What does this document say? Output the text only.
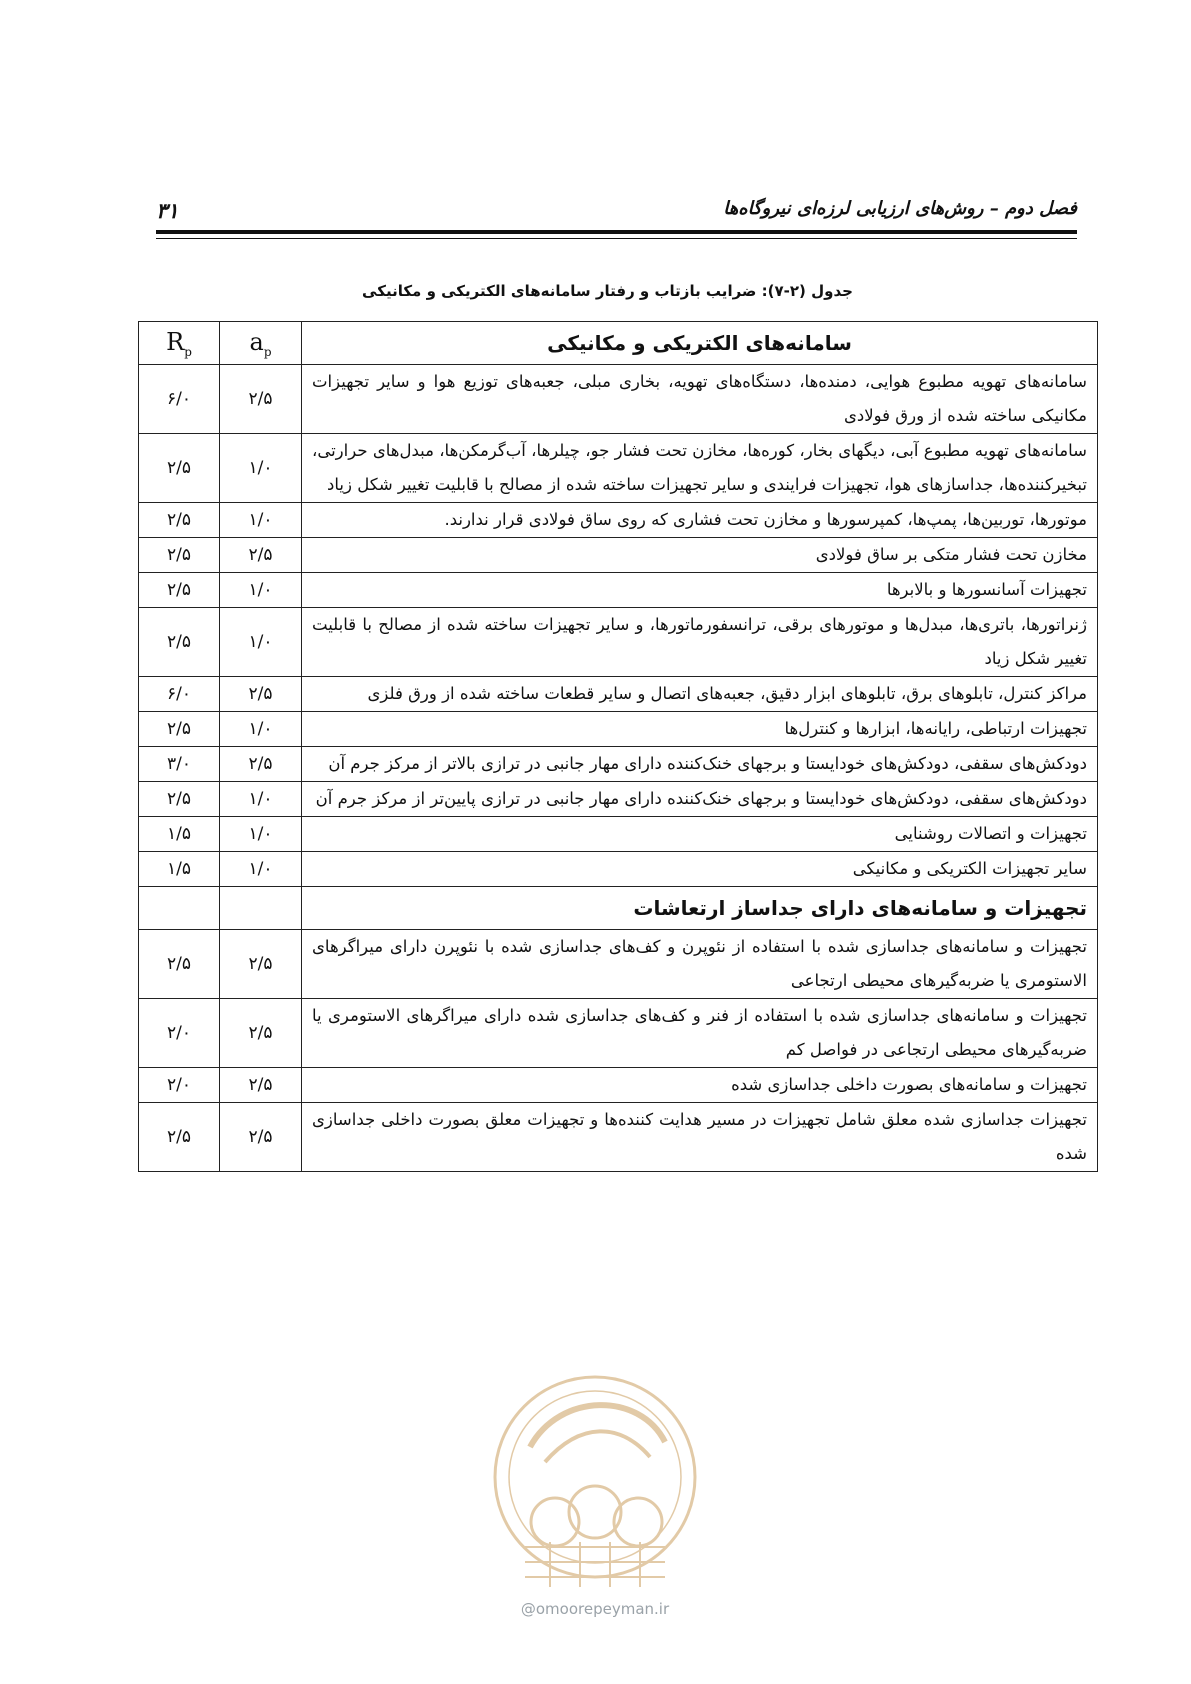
۳۱	فصل دوم – روش‌های ارزیابی لرزه‌ای نیروگاه‌ها
جدول (۲-۷): ضرایب بازتاب و رفتار سامانه‌های الکتریکی و مکانیکی
$R_p$	$a_p$	سامانه‌های الکتریکی و مکانیکی
۶/۰	۲/۵	سامانه‌های تهویه مطبوع هوایی، دمنده‌ها، دستگاه‌های تهویه، بخاری مبلی، جعبه‌های توزیع هوا و سایر تجهیزات مکانیکی ساخته شده از ورق فولادی
۲/۵	۱/۰	سامانه‌های تهویه مطبوع آبی، دیگهای بخار، کوره‌ها، مخازن تحت فشار جو، چیلرها، آب‌گرمکن‌ها، مبدل‌های حرارتی، تبخیرکننده‌ها، جداسازهای هوا، تجهیزات فرایندی و سایر تجهیزات ساخته شده از مصالح با قابلیت تغییر شکل زیاد
۲/۵	۱/۰	موتورها، توربین‌ها، پمپ‌ها، کمپرسورها و مخازن تحت فشاری که روی ساق فولادی قرار ندارند.
۲/۵	۲/۵	مخازن تحت فشار متکی بر ساق فولادی
۲/۵	۱/۰	تجهیزات آسانسورها و بالابرها
۲/۵	۱/۰	ژنراتورها، باتری‌ها، مبدل‌ها و موتورهای برقی، ترانسفورماتورها، و سایر تجهیزات ساخته شده از مصالح با قابلیت تغییر شکل زیاد
۶/۰	۲/۵	مراکز کنترل، تابلوهای برق، تابلوهای ابزار دقیق، جعبه‌های اتصال و سایر قطعات ساخته شده از ورق فلزی
۲/۵	۱/۰	تجهیزات ارتباطی، رایانه‌ها، ابزارها و کنترل‌ها
۳/۰	۲/۵	دودکش‌های سقفی، دودکش‌های خودایستا و برجهای خنک‌کننده دارای مهار جانبی در ترازی بالاتر از مرکز جرم آن
۲/۵	۱/۰	دودکش‌های سقفی، دودکش‌های خودایستا و برجهای خنک‌کننده دارای مهار جانبی در ترازی پایین‌تر از مرکز جرم آن
۱/۵	۱/۰	تجهیزات و اتصالات روشنایی
۱/۵	۱/۰	سایر تجهیزات الکتریکی و مکانیکی
		تجهیزات و سامانه‌های دارای جداساز ارتعاشات
۲/۵	۲/۵	تجهیزات و سامانه‌های جداسازی شده با استفاده از نئوپرن و کف‌های جداسازی شده با نئوپرن دارای میراگرهای الاستومری یا ضربه‌گیرهای محیطی ارتجاعی
۲/۰	۲/۵	تجهیزات و سامانه‌های جداسازی شده با استفاده از فنر و کف‌های جداسازی شده دارای میراگرهای الاستومری یا ضربه‌گیرهای محیطی ارتجاعی در فواصل کم
۲/۰	۲/۵	تجهیزات و سامانه‌های بصورت داخلی جداسازی شده
۲/۵	۲/۵	تجهیزات جداسازی شده معلق شامل تجهیزات در مسیر هدایت کننده‌ها و تجهیزات معلق بصورت داخلی جداسازی شده
@omoorepeyman.ir
